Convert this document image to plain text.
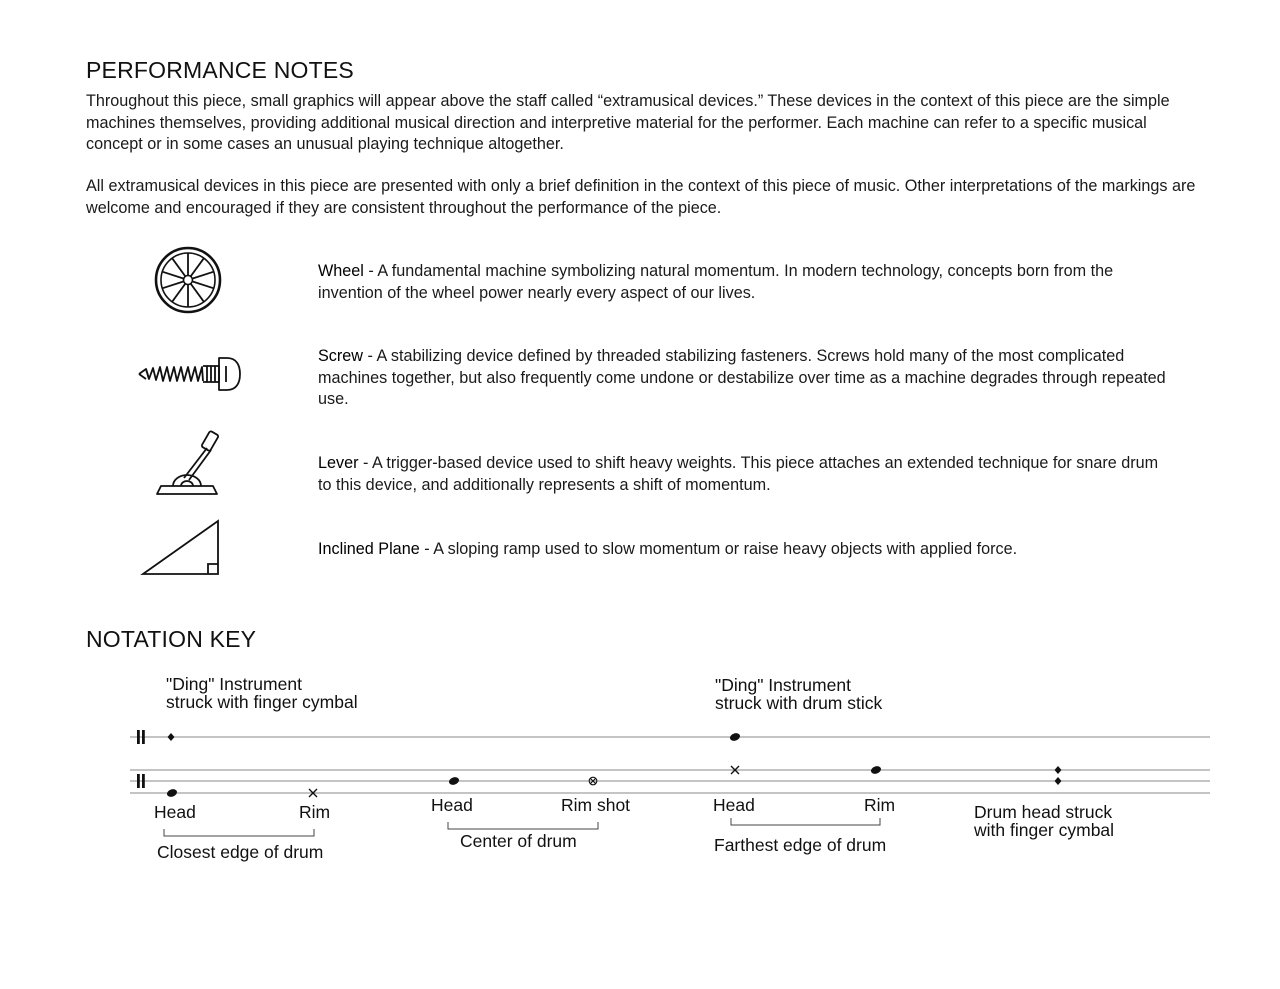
PERFORMANCE NOTES

Throughout this piece, small graphics will appear above the staff called “extramusical devices.” These devices in the context of this piece are the simple machines themselves, providing additional musical direction and interpretive material for the performer. Each machine can refer to a specific musical concept or in some cases an unusual playing technique altogether.

All extramusical devices in this piece are presented with only a brief definition in the context of this piece of music. Other interpretations of the markings are welcome and encouraged if they are consistent throughout the performance of the piece.

Wheel - A fundamental machine symbolizing natural momentum. In modern technology, concepts born from the invention of the wheel power nearly every aspect of our lives.
Screw - A stabilizing device defined by threaded stabilizing fasteners. Screws hold many of the most complicated machines together, but also frequently come undone or destabilize over time as a machine degrades through repeated use.
Lever - A trigger-based device used to shift heavy weights. This piece attaches an extended technique for snare drum to this device, and additionally represents a shift of momentum.
Inclined Plane - A sloping ramp used to slow momentum or raise heavy objects with applied force.
NOTATION KEY
"Ding" Instrument
struck with finger cymbal
"Ding" Instrument
struck with drum stick
Head	Rim
Closest edge of drum
Head	Rim shot
Center of drum
Head	Rim
Farthest edge of drum
Drum head struck
with finger cymbal
